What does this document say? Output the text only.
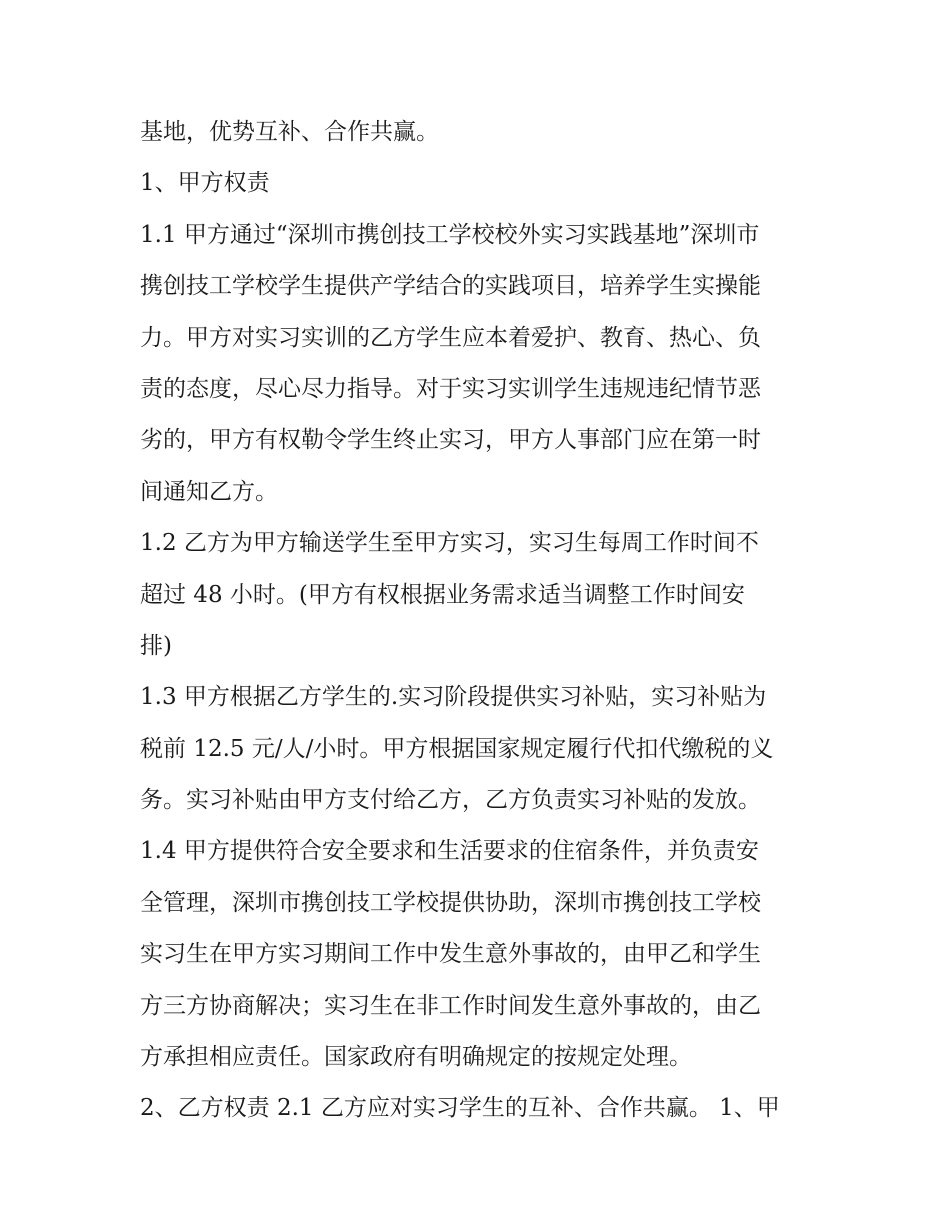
基地，优势互补、合作共赢。
1、甲方权责
1.1 甲方通过“深圳市携创技工学校校外实习实践基地”深圳市
携创技工学校学生提供产学结合的实践项目，培养学生实操能
力。甲方对实习实训的乙方学生应本着爱护、教育、热心、负
责的态度，尽心尽力指导。对于实习实训学生违规违纪情节恶
劣的，甲方有权勒令学生终止实习，甲方人事部门应在第一时
间通知乙方。
1.2 乙方为甲方输送学生至甲方实习，实习生每周工作时间不
超过 48 小时。(甲方有权根据业务需求适当调整工作时间安
排)
1.3 甲方根据乙方学生的.实习阶段提供实习补贴，实习补贴为
税前 12.5 元/人/小时。甲方根据国家规定履行代扣代缴税的义
务。实习补贴由甲方支付给乙方，乙方负责实习补贴的发放。
1.4 甲方提供符合安全要求和生活要求的住宿条件，并负责安
全管理，深圳市携创技工学校提供协助，深圳市携创技工学校
实习生在甲方实习期间工作中发生意外事故的，由甲乙和学生
方三方协商解决；实习生在非工作时间发生意外事故的，由乙
方承担相应责任。国家政府有明确规定的按规定处理。
2、乙方权责 2.1 乙方应对实习学生的互补、合作共赢。 1、甲
